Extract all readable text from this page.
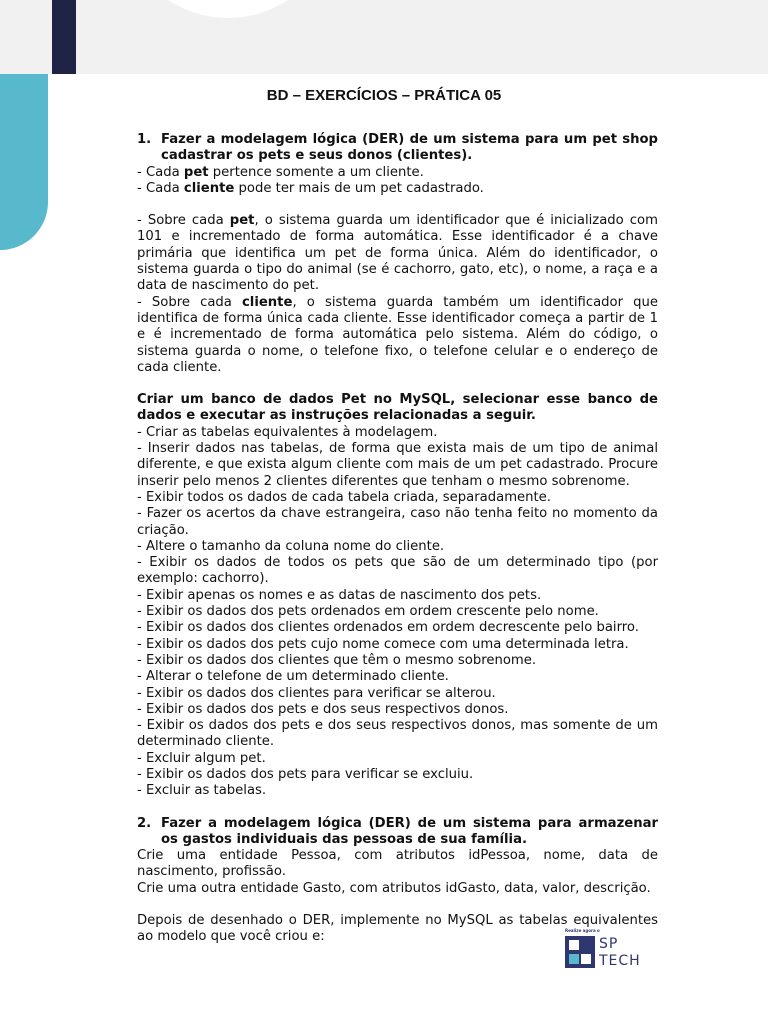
BD – EXERCÍCIOS – PRÁTICA 05
1. Fazer a modelagem lógica (DER) de um sistema para um pet shop cadastrar os pets e seus donos (clientes).

- Cada pet pertence somente a um cliente.

- Cada cliente pode ter mais de um pet cadastrado.

- Sobre cada pet, o sistema guarda um identificador que é inicializado com 101 e incrementado de forma automática. Esse identificador é a chave primária que identifica um pet de forma única. Além do identificador, o sistema guarda o tipo do animal (se é cachorro, gato, etc), o nome, a raça e a data de nascimento do pet.

- Sobre cada cliente, o sistema guarda também um identificador que identifica de forma única cada cliente. Esse identificador começa a partir de 1 e é incrementado de forma automática pelo sistema. Além do código, o sistema guarda o nome, o telefone fixo, o telefone celular e o endereço de cada cliente.

Criar um banco de dados Pet no MySQL, selecionar esse banco de dados e executar as instruções relacionadas a seguir.

- Criar as tabelas equivalentes à modelagem.

- Inserir dados nas tabelas, de forma que exista mais de um tipo de animal diferente, e que exista algum cliente com mais de um pet cadastrado. Procure inserir pelo menos 2 clientes diferentes que tenham o mesmo sobrenome.

- Exibir todos os dados de cada tabela criada, separadamente.

- Fazer os acertos da chave estrangeira, caso não tenha feito no momento da criação.

- Altere o tamanho da coluna nome do cliente.

- Exibir os dados de todos os pets que são de um determinado tipo (por exemplo: cachorro).

- Exibir apenas os nomes e as datas de nascimento dos pets.

- Exibir os dados dos pets ordenados em ordem crescente pelo nome.

- Exibir os dados dos clientes ordenados em ordem decrescente pelo bairro.

- Exibir os dados dos pets cujo nome comece com uma determinada letra.

- Exibir os dados dos clientes que têm o mesmo sobrenome.

- Alterar o telefone de um determinado cliente.

- Exibir os dados dos clientes para verificar se alterou.

- Exibir os dados dos pets e dos seus respectivos donos.

- Exibir os dados dos pets e dos seus respectivos donos, mas somente de um determinado cliente.

- Excluir algum pet.

- Exibir os dados dos pets para verificar se excluiu.

- Excluir as tabelas.

2. Fazer a modelagem lógica (DER) de um sistema para armazenar os gastos individuais das pessoas de sua família.

Crie uma entidade Pessoa, com atributos idPessoa, nome, data de nascimento, profissão.

Crie uma outra entidade Gasto, com atributos idGasto, data, valor, descrição.

Depois de desenhado o DER, implemente no MySQL as tabelas equivalentes ao modelo que você criou e:	Realize agora o
SP
TECH
